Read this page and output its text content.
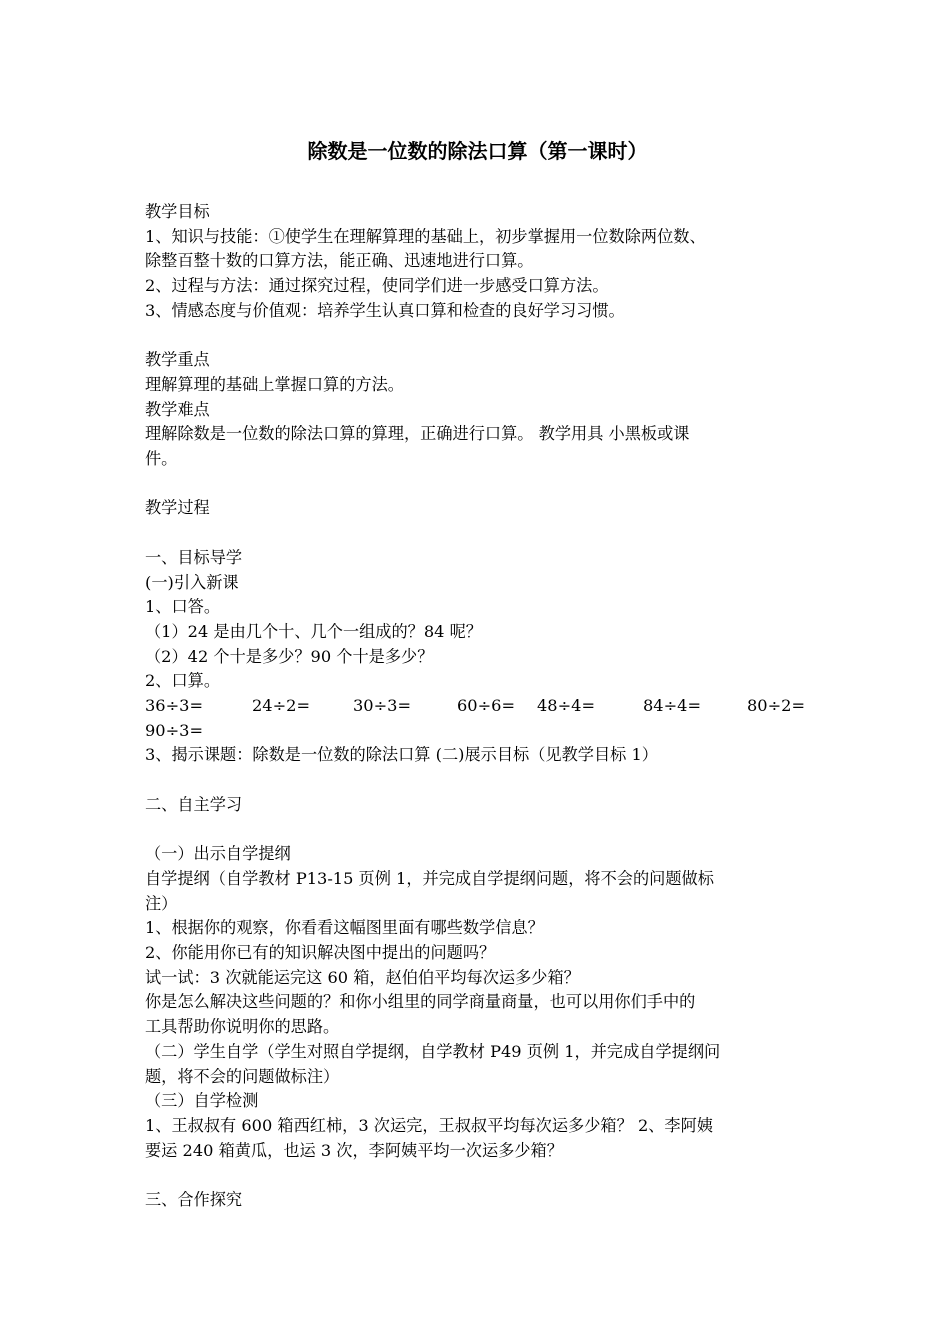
除数是一位数的除法口算（第一课时）

教学目标

1、知识与技能：①使学生在理解算理的基础上，初步掌握用一位数除两位数、

除整百整十数的口算方法，能正确、迅速地进行口算。

2、过程与方法：通过探究过程，使同学们进一步感受口算方法。

3、情感态度与价值观：培养学生认真口算和检查的良好学习习惯。

教学重点

理解算理的基础上掌握口算的方法。

教学难点

理解除数是一位数的除法口算的算理，正确进行口算。 教学用具 小黑板或课

件。

教学过程

一、目标导学

(一)引入新课

1、口答。

（1）24 是由几个十、几个一组成的？84 呢？

（2）42 个十是多少？90 个十是多少？

2、口算。

36÷3=	24÷2=	30÷3=	60÷6=	48÷4=	84÷4=	80÷2=

90÷3=

3、揭示课题：除数是一位数的除法口算 (二)展示目标（见教学目标 1）

二、自主学习

（一）出示自学提纲

自学提纲（自学教材 P13-15 页例 1，并完成自学提纲问题，将不会的问题做标

注）

1、根据你的观察，你看看这幅图里面有哪些数学信息？

2、你能用你已有的知识解决图中提出的问题吗？

试一试：3 次就能运完这 60 箱，赵伯伯平均每次运多少箱？

你是怎么解决这些问题的？和你小组里的同学商量商量，也可以用你们手中的

工具帮助你说明你的思路。

（二）学生自学（学生对照自学提纲，自学教材 P49 页例 1，并完成自学提纲问

题，将不会的问题做标注）

（三）自学检测

1、王叔叔有 600 箱西红柿，3 次运完，王叔叔平均每次运多少箱？ 2、李阿姨

要运 240 箱黄瓜，也运 3 次，李阿姨平均一次运多少箱？

三、合作探究
